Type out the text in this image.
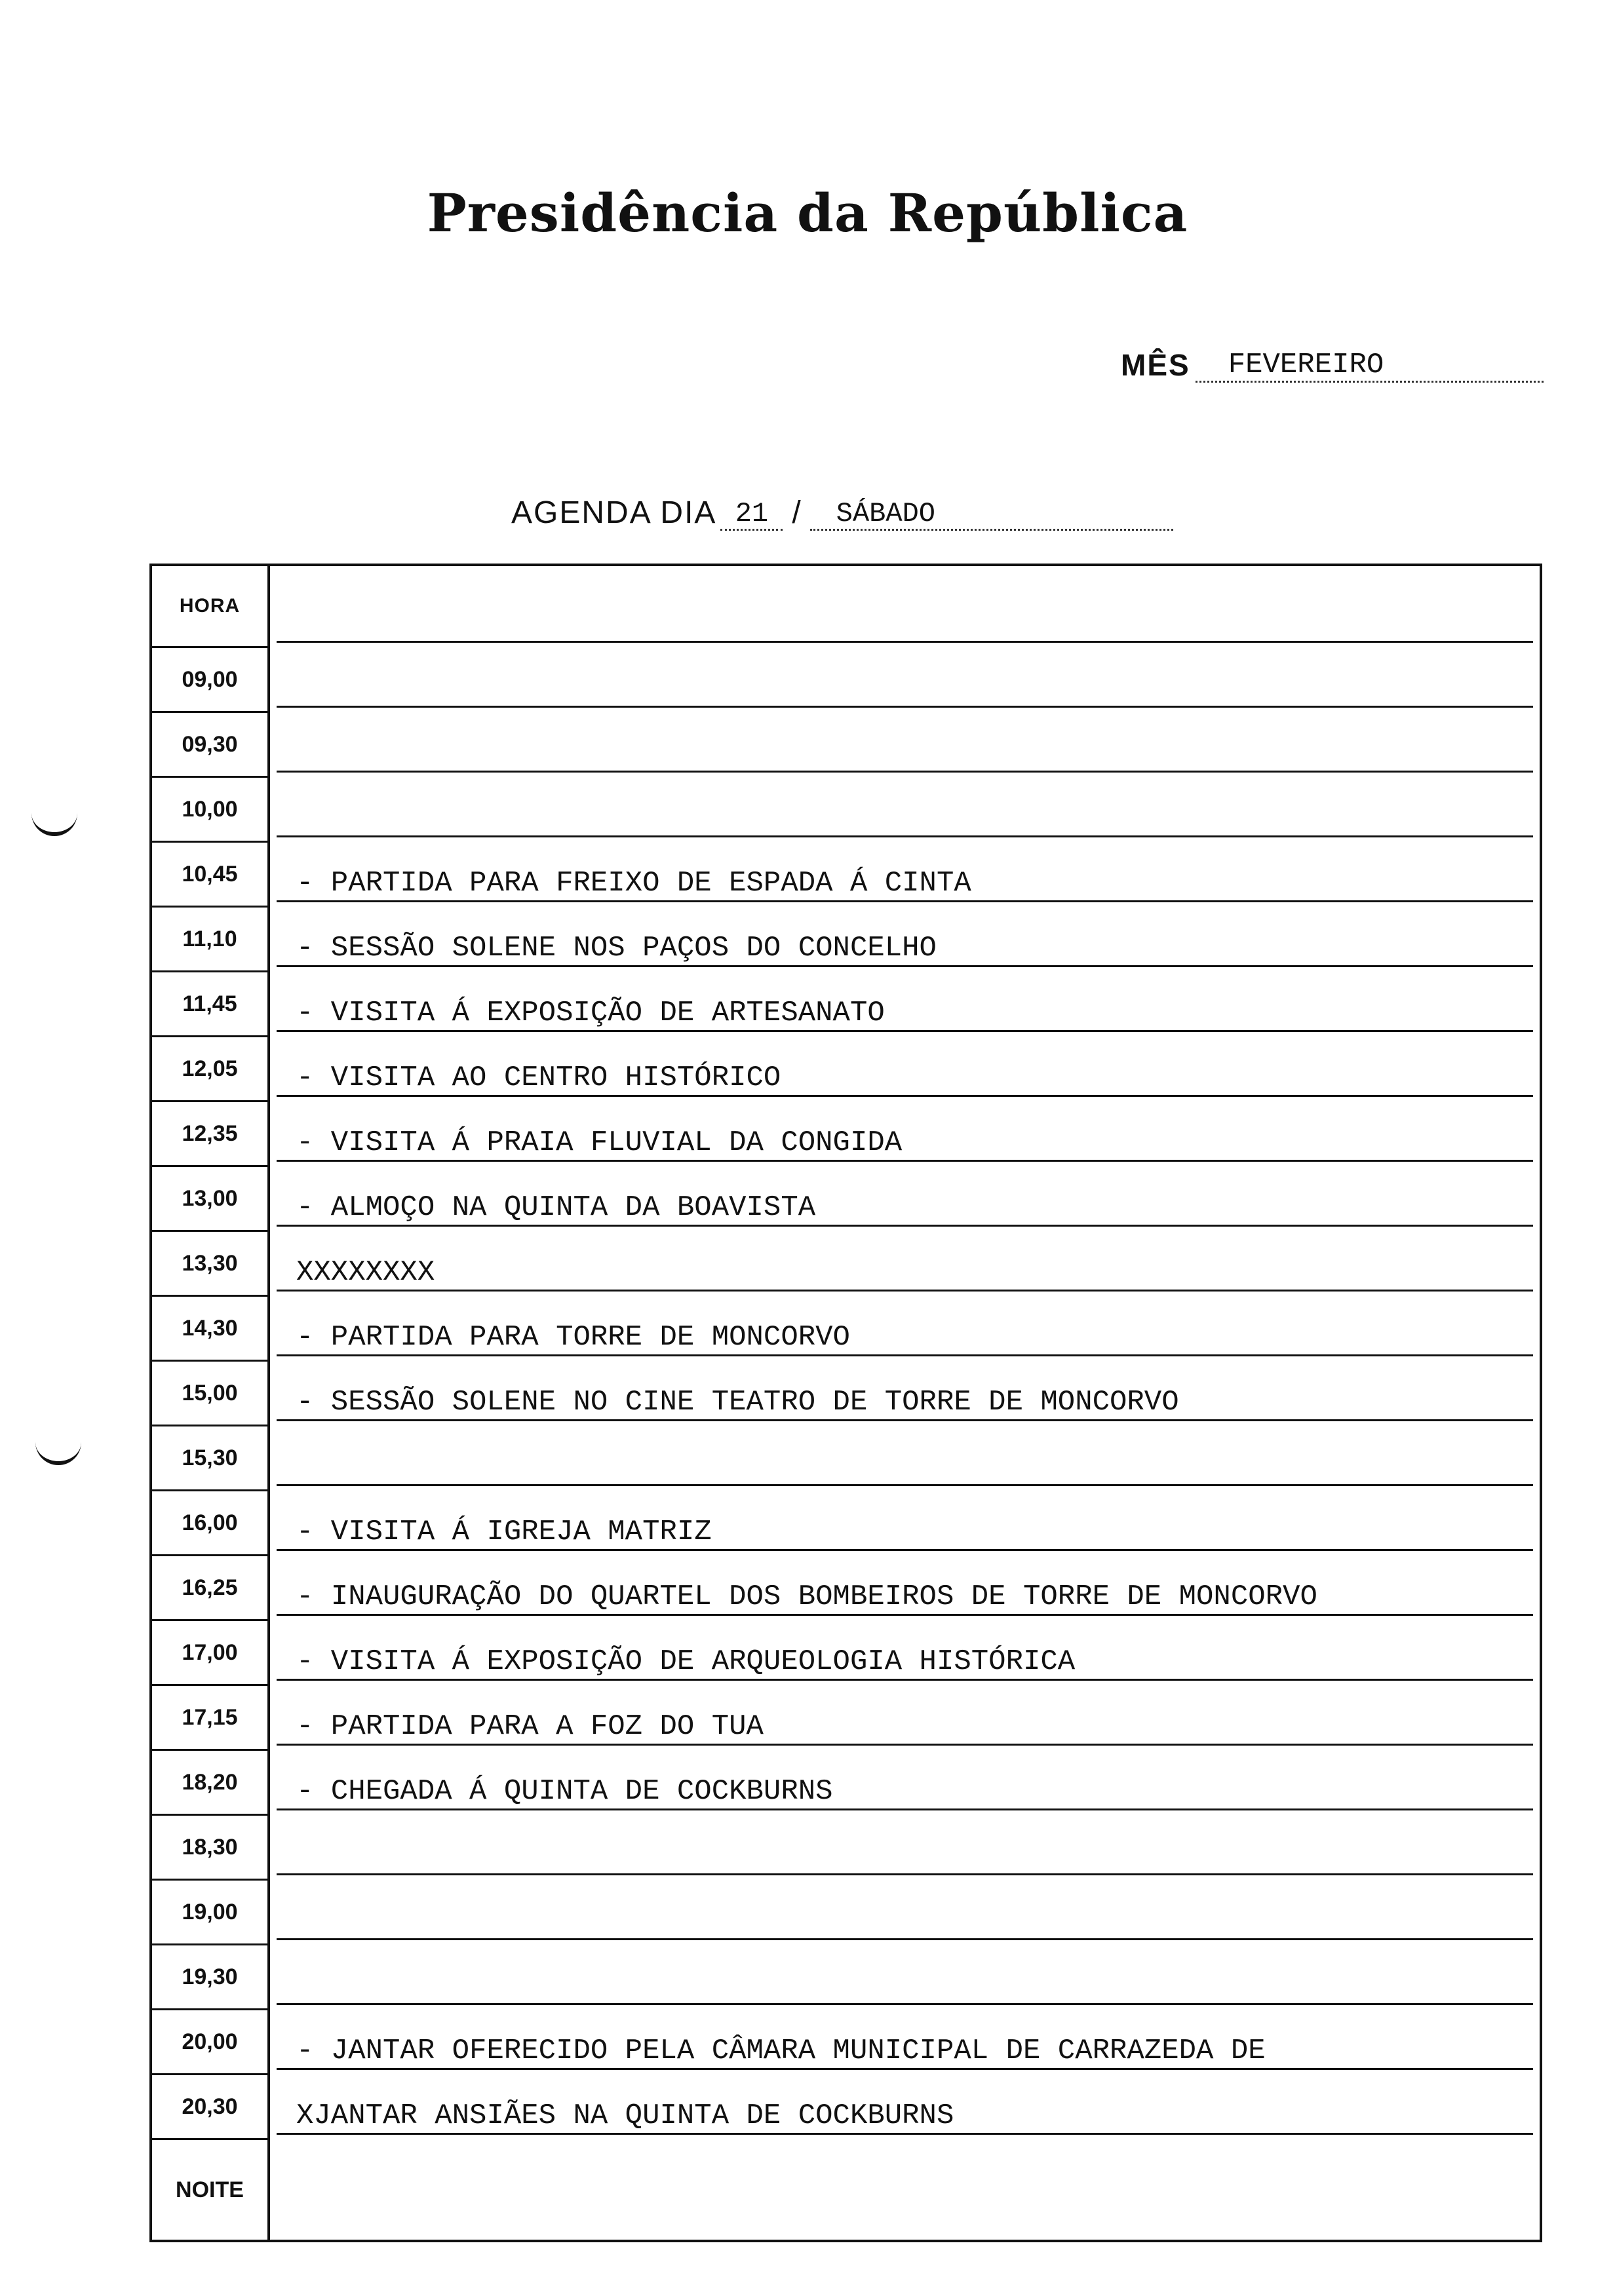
Presidência da República
MÊS	FEVEREIRO
AGENDA DIA 21 /	SÁBADO
HORA
09,00
09,30
10,00
10,45	- PARTIDA PARA FREIXO DE ESPADA Á CINTA
11,10	- SESSÃO SOLENE NOS PAÇOS DO CONCELHO
11,45	- VISITA Á EXPOSIÇÃO DE ARTESANATO
12,05	- VISITA AO CENTRO HISTÓRICO
12,35	- VISITA Á PRAIA FLUVIAL DA CONGIDA
13,00	- ALMOÇO NA QUINTA DA BOAVISTA
13,30	XXXXXXXX
14,30	- PARTIDA PARA TORRE DE MONCORVO
15,00	- SESSÃO SOLENE NO CINE TEATRO DE TORRE DE MONCORVO
15,30
16,00	- VISITA Á IGREJA MATRIZ
16,25	- INAUGURAÇÃO DO QUARTEL DOS BOMBEIROS DE TORRE DE MONCORVO
17,00	- VISITA Á EXPOSIÇÃO DE ARQUEOLOGIA HISTÓRICA
17,15	- PARTIDA PARA A FOZ DO TUA
18,20	- CHEGADA Á QUINTA DE COCKBURNS
18,30
19,00
19,30
20,00	- JANTAR OFERECIDO PELA CÂMARA MUNICIPAL DE CARRAZEDA DE
20,30	XJANTAR ANSIÃES NA QUINTA DE COCKBURNS
NOITE
